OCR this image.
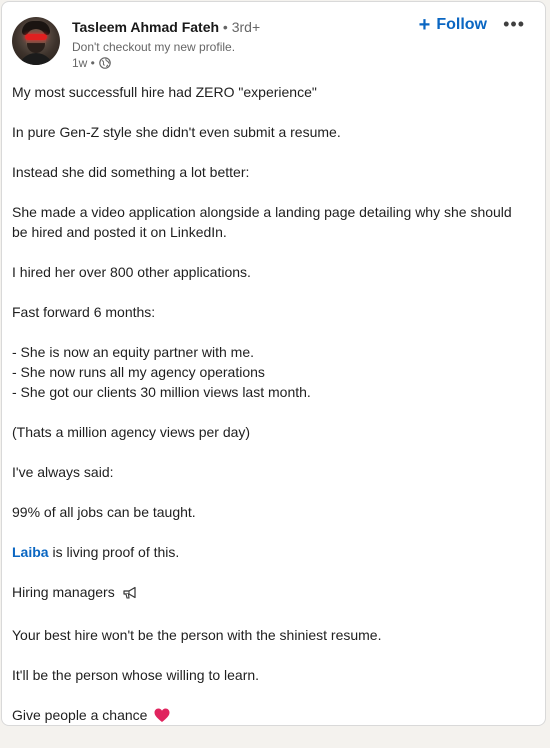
Tasleem Ahmad Fateh • 3rd+
Don't checkout my new profile.
1w •
+ Follow •••

My most successfull hire had ZERO "experience"

In pure Gen-Z style she didn't even submit a resume.

Instead she did something a lot better:

She made a video application alongside a landing page detailing why she should be hired and posted it on LinkedIn.

I hired her over 800 other applications.

Fast forward 6 months:

- She is now an equity partner with me.
- She now runs all my agency operations
- She got our clients 30 million views last month.

(Thats a million agency views per day)

I've always said:

99% of all jobs can be taught.

Laiba is living proof of this.

Hiring managers

Your best hire won't be the person with the shiniest resume.

It'll be the person whose willing to learn.

Give people a chance
